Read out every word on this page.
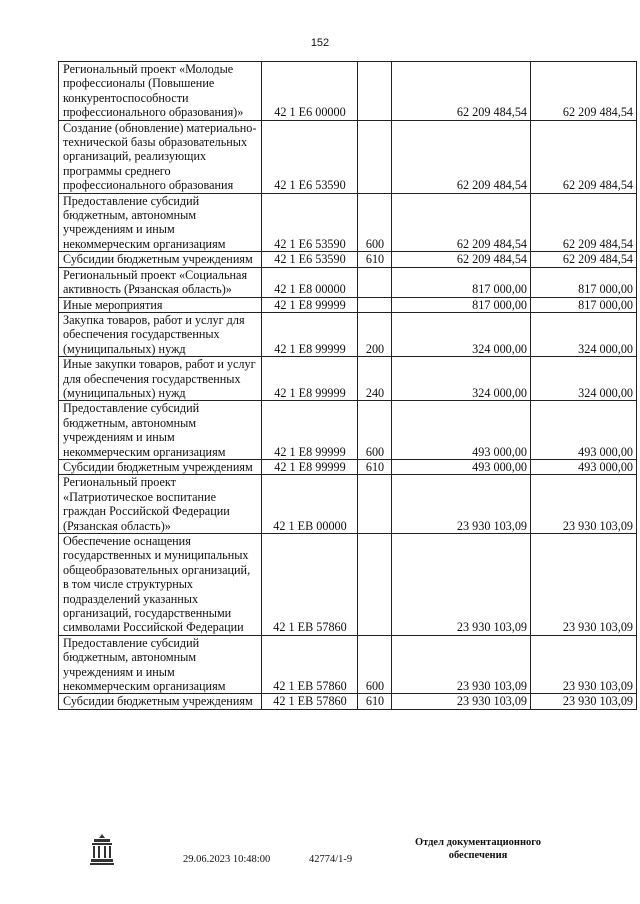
152
Региональный проект «Молодые профессионалы (Повышение конкурентоспособности профессионального образования)»	42 1 Е6 00000		62 209 484,54	62 209 484,54
Создание (обновление) материально-технической базы образовательных организаций, реализующих программы среднего профессионального образования	42 1 Е6 53590		62 209 484,54	62 209 484,54
Предоставление субсидий бюджетным, автономным учреждениям и иным некоммерческим организациям	42 1 Е6 53590	600	62 209 484,54	62 209 484,54
Субсидии бюджетным учреждениям	42 1 Е6 53590	610	62 209 484,54	62 209 484,54
Региональный проект «Социальная активность (Рязанская область)»	42 1 Е8 00000		817 000,00	817 000,00
Иные мероприятия	42 1 Е8 99999		817 000,00	817 000,00
Закупка товаров, работ и услуг для обеспечения государственных (муниципальных) нужд	42 1 Е8 99999	200	324 000,00	324 000,00
Иные закупки товаров, работ и услуг для обеспечения государственных (муниципальных) нужд	42 1 Е8 99999	240	324 000,00	324 000,00
Предоставление субсидий бюджетным, автономным учреждениям и иным некоммерческим организациям	42 1 Е8 99999	600	493 000,00	493 000,00
Субсидии бюджетным учреждениям	42 1 Е8 99999	610	493 000,00	493 000,00
Региональный проект «Патриотическое воспитание граждан Российской Федерации (Рязанская область)»	42 1 ЕВ 00000		23 930 103,09	23 930 103,09
Обеспечение оснащения государственных и муниципальных общеобразовательных организаций, в том числе структурных подразделений указанных организаций, государственными символами Российской Федерации	42 1 ЕВ 57860		23 930 103,09	23 930 103,09
Предоставление субсидий бюджетным, автономным учреждениям и иным некоммерческим организациям	42 1 ЕВ 57860	600	23 930 103,09	23 930 103,09
Субсидии бюджетным учреждениям	42 1 ЕВ 57860	610	23 930 103,09	23 930 103,09
29.06.2023 10:48:00	42774/1-9
Отдел документационного
обеспечения
